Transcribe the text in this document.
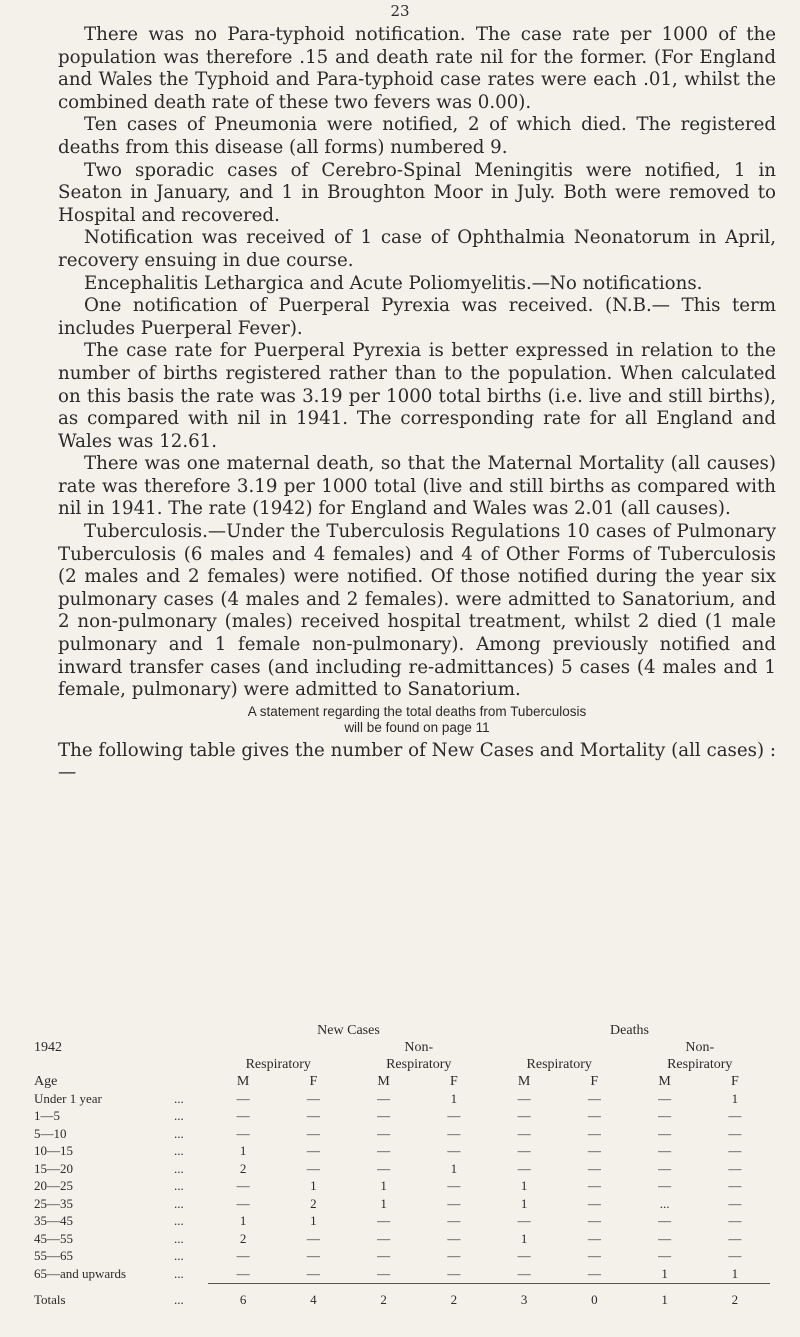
23

There was no Para-typhoid notification. The case rate per 1000 of the population was therefore .15 and death rate nil for the former. (For England and Wales the Typhoid and Para-typhoid case rates were each .01, whilst the combined death rate of these two fevers was 0.00).

Ten cases of Pneumonia were notified, 2 of which died. The registered deaths from this disease (all forms) numbered 9.

Two sporadic cases of Cerebro-Spinal Meningitis were notified, 1 in Seaton in January, and 1 in Broughton Moor in July. Both were removed to Hospital and recovered.

Notification was received of 1 case of Ophthalmia Neonatorum in April, recovery ensuing in due course.

Encephalitis Lethargica and Acute Poliomyelitis.—No notifications.

One notification of Puerperal Pyrexia was received. (N.B.— This term includes Puerperal Fever).

The case rate for Puerperal Pyrexia is better expressed in relation to the number of births registered rather than to the population. When calculated on this basis the rate was 3.19 per 1000 total births (i.e. live and still births), as compared with nil in 1941. The corresponding rate for all England and Wales was 12.61.

There was one maternal death, so that the Maternal Mortality (all causes) rate was therefore 3.19 per 1000 total (live and still births as compared with nil in 1941. The rate (1942) for England and Wales was 2.01 (all causes).

Tuberculosis.—Under the Tuberculosis Regulations 10 cases of Pulmonary Tuberculosis (6 males and 4 females) and 4 of Other Forms of Tuberculosis (2 males and 2 females) were notified. Of those notified during the year six pulmonary cases (4 males and 2 females). were admitted to Sanatorium, and 2 non-pulmonary (males) received hospital treatment, whilst 2 died (1 male pulmonary and 1 female non-pulmonary). Among previously notified and inward transfer cases (and including re-admittances) 5 cases (4 males and 1 female, pulmonary) were admitted to Sanatorium.

A statement regarding the total deaths from Tuberculosis
will be found on page 11

The following table gives the number of New Cases and Mortality (all cases) :—

		New Cases				Deaths			
1942				Non-				Non-	
		Respiratory		Respiratory		Respiratory		Respiratory	
Age		M	F	M	F	M	F	M	F
Under 1 year	...	—	—	—	1	—	—	—	1
1—5	...	—	—	—	—	—	—	—	—
5—10	...	—	—	—	—	—	—	—	—
10—15	...	1	—	—	—	—	—	—	—
15—20	...	2	—	—	1	—	—	—	—
20—25	...	—	1	1	—	1	—	—	—
25—35	...	—	2	1	—	1	—	...	—
35—45	...	1	1	—	—	—	—	—	—
45—55	...	2	—	—	—	1	—	—	—
55—65	...	—	—	—	—	—	—	—	—
65—and upwards	...	—	—	—	—	—	—	1	1
Totals	...	6	4	2	2	3	0	1	2
